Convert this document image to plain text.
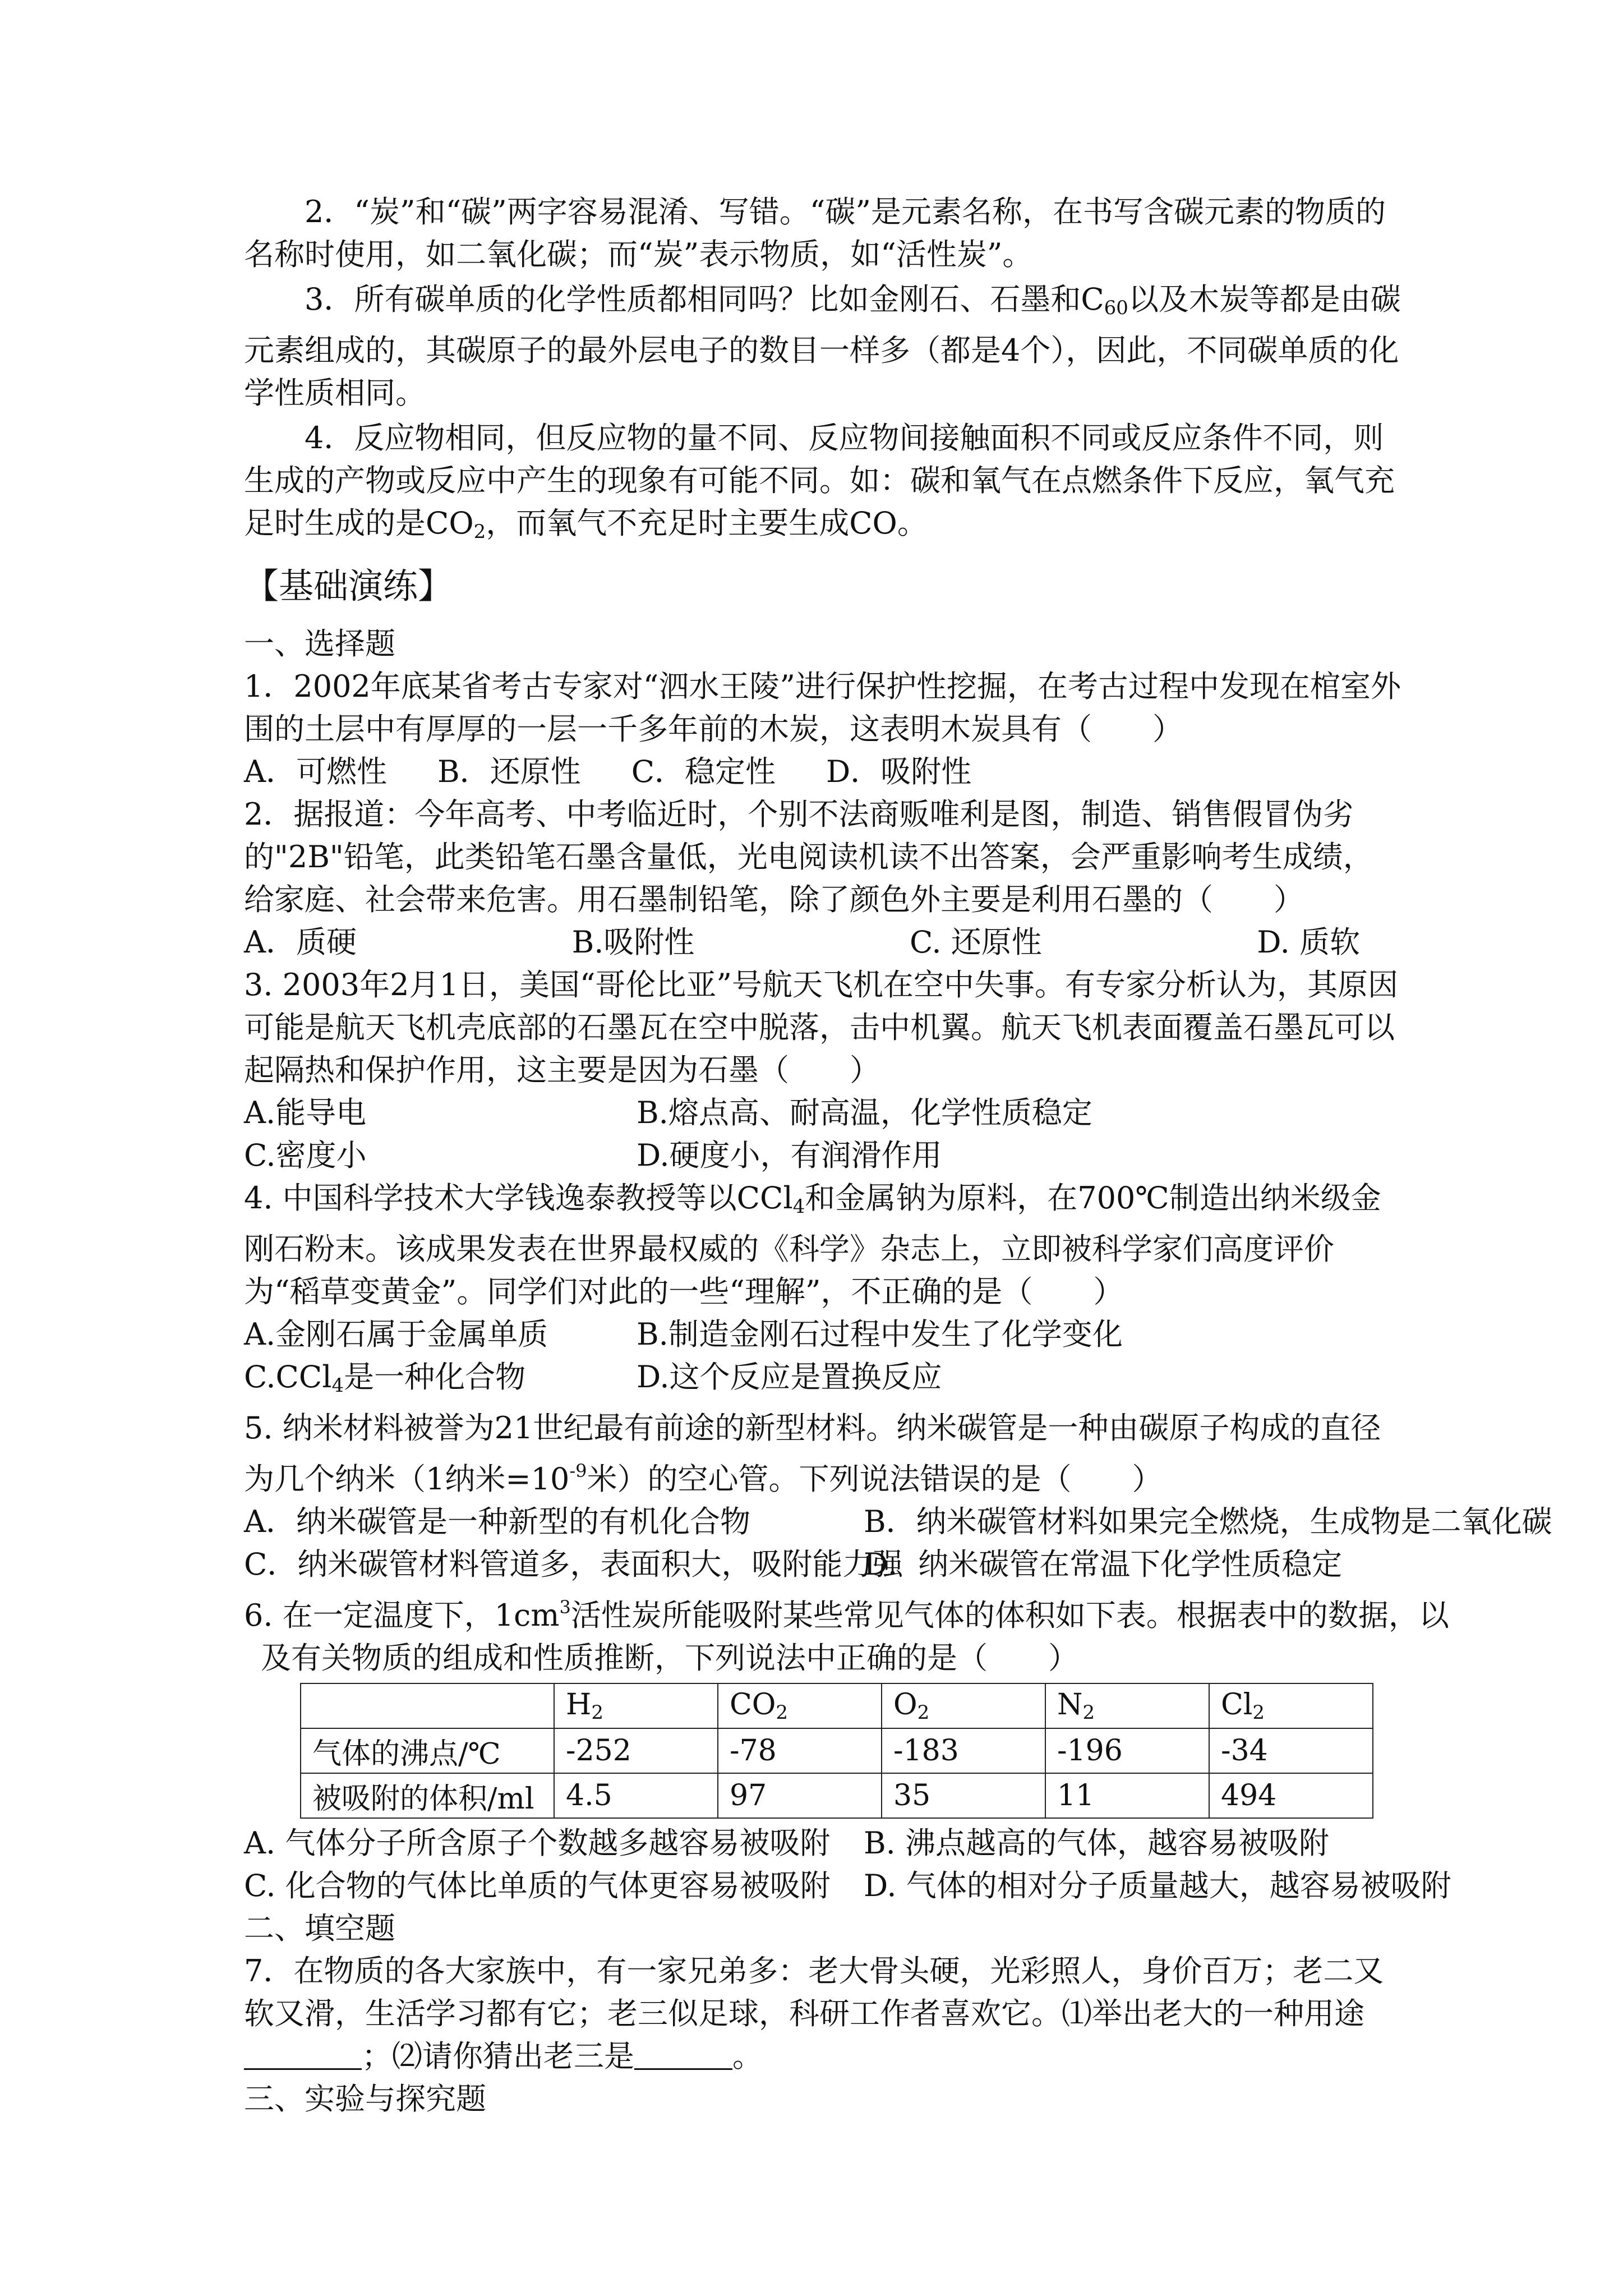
2．“炭”和“碳”两字容易混淆、写错。“碳”是元素名称，在书写含碳元素的物质的名称时使用，如二氧化碳；而“炭”表示物质，如“活性炭”。
3．所有碳单质的化学性质都相同吗？比如金刚石、石墨和$C_{60}$以及木炭等都是由碳元素组成的，其碳原子的最外层电子的数目一样多（都是4个），因此，不同碳单质的化学性质相同。
4．反应物相同，但反应物的量不同、反应物间接触面积不同或反应条件不同，则生成的产物或反应中产生的现象有可能不同。如：碳和氧气在点燃条件下反应，氧气充足时生成的是$CO_2$，而氧气不充足时主要生成CO。
【基础演练】
一、选择题
1．2002年底某省考古专家对“泗水王陵”进行保护性挖掘，在考古过程中发现在棺室外围的土层中有厚厚的一层一千多年前的木炭，这表明木炭具有（　　）
A．可燃性 B．还原性 C．稳定性 D．吸附性
2．据报道：今年高考、中考临近时，个别不法商贩唯利是图，制造、销售假冒伪劣的"2B"铅笔，此类铅笔石墨含量低，光电阅读机读不出答案，会严重影响考生成绩，给家庭、社会带来危害。用石墨制铅笔，除了颜色外主要是利用石墨的（　　）
A．质硬	B.吸附性	C. 还原性	D. 质软
3. 2003年2月1日，美国“哥伦比亚”号航天飞机在空中失事。有专家分析认为，其原因可能是航天飞机壳底部的石墨瓦在空中脱落，击中机翼。航天飞机表面覆盖石墨瓦可以起隔热和保护作用，这主要是因为石墨（　　）
A.能导电	B.熔点高、耐高温，化学性质稳定
C.密度小	D.硬度小，有润滑作用
4. 中国科学技术大学钱逸泰教授等以CCl$_4$和金属钠为原料，在700℃制造出纳米级金刚石粉末。该成果发表在世界最权威的《科学》杂志上，立即被科学家们高度评价为“稻草变黄金”。同学们对此的一些“理解”，不正确的是（　　）
A.金刚石属于金属单质	B.制造金刚石过程中发生了化学变化
C.CCl$_4$是一种化合物	D.这个反应是置换反应
5. 纳米材料被誉为21世纪最有前途的新型材料。纳米碳管是一种由碳原子构成的直径为几个纳米（1纳米$=10^{-9}$米）的空心管。下列说法错误的是（　　）
A．纳米碳管是一种新型的有机化合物	B．纳米碳管材料如果完全燃烧，生成物是二氧化碳
C．纳米碳管材料管道多，表面积大，吸附能力强
D．纳米碳管在常温下化学性质稳定
6. 在一定温度下，$1cm^3$活性炭所能吸附某些常见气体的体积如下表。根据表中的数据，以
及有关物质的组成和性质推断，下列说法中正确的是（　　）
	$H_2$	$CO_2$	$O_2$	$N_2$	$Cl_2$
气体的沸点/℃	-252	-78	-183	-196	-34
被吸附的体积/ml	4.5	97	35	11	494
A. 气体分子所含原子个数越多越容易被吸附	B. 沸点越高的气体，越容易被吸附
C. 化合物的气体比单质的气体更容易被吸附	D. 气体的相对分子质量越大，越容易被吸附
二、填空题
7．在物质的各大家族中，有一家兄弟多：老大骨头硬，光彩照人，身价百万；老二又软又滑，生活学习都有它；老三似足球，科研工作者喜欢它。⑴举出老大的一种用途；⑵请你猜出老三是	。
三、实验与探究题
